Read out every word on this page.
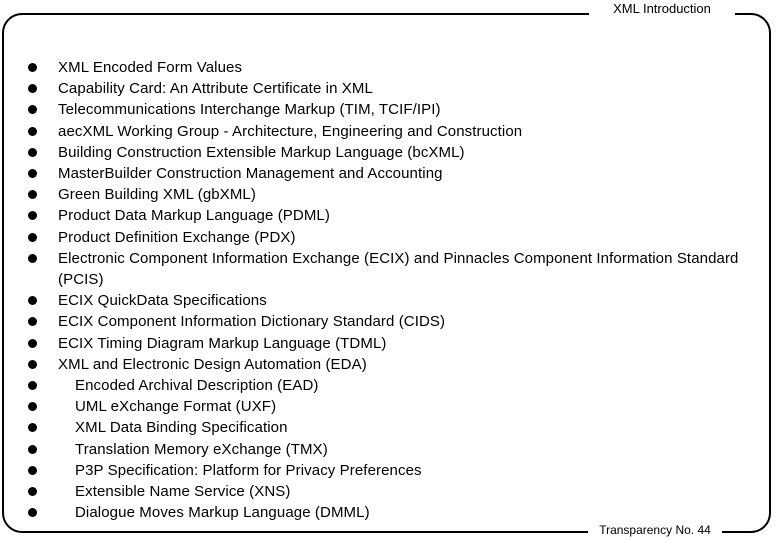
XML Introduction
XML Encoded Form Values
Capability Card: An Attribute Certificate in XML
Telecommunications Interchange Markup (TIM, TCIF/IPI)
aecXML Working Group - Architecture, Engineering and Construction
Building Construction Extensible Markup Language (bcXML)
MasterBuilder Construction Management and Accounting
Green Building XML (gbXML)
Product Data Markup Language (PDML)
Product Definition Exchange (PDX)
Electronic Component Information Exchange (ECIX) and Pinnacles Component Information Standard (PCIS)
ECIX QuickData Specifications
ECIX Component Information Dictionary Standard (CIDS)
ECIX Timing Diagram Markup Language (TDML)
XML and Electronic Design Automation (EDA)
Encoded Archival Description (EAD)
UML eXchange Format (UXF)
XML Data Binding Specification
Translation Memory eXchange (TMX)
P3P Specification: Platform for Privacy Preferences
Extensible Name Service (XNS)
Dialogue Moves Markup Language (DMML)
Transparency No. 44
